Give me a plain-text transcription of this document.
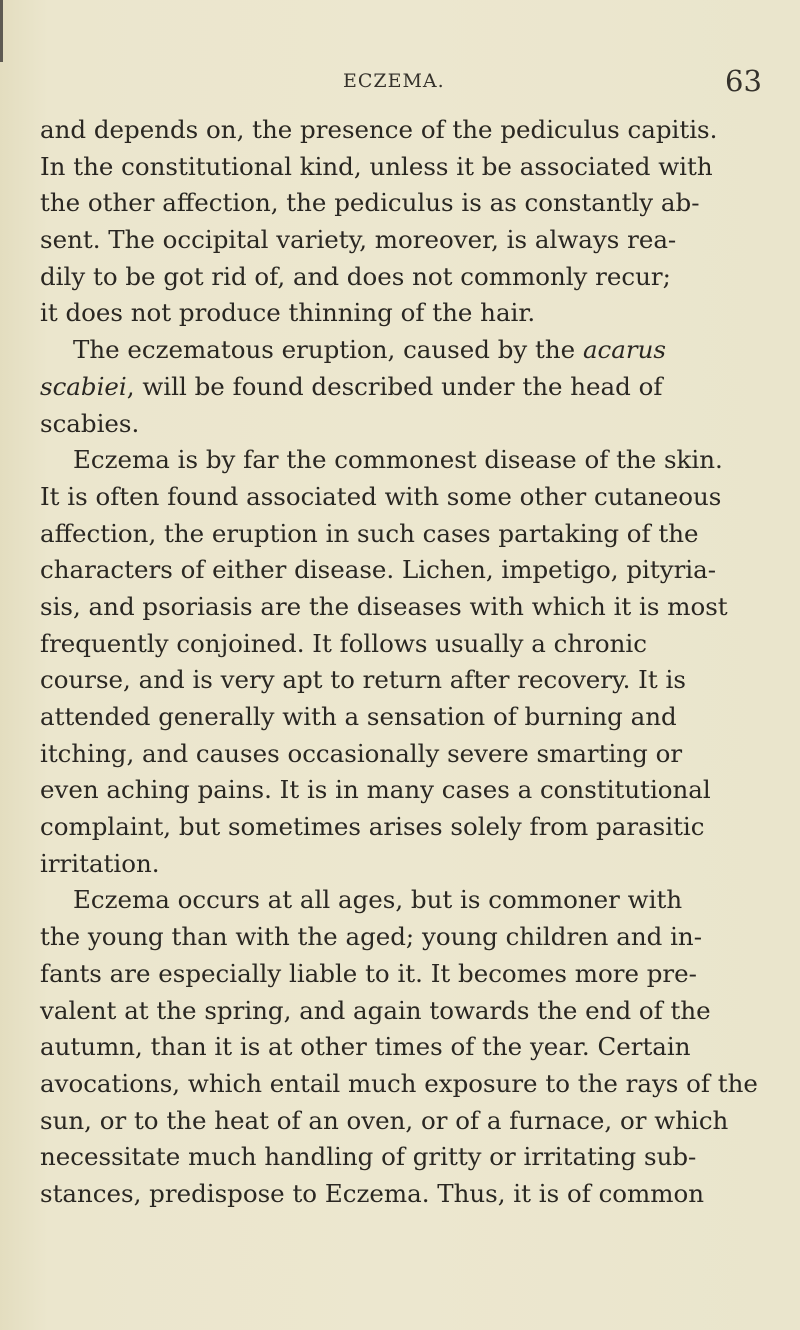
ECZEMA.	63
and depends on, the presence of the pediculus capitis.
In the constitutional kind, unless it be associated with
the other affection, the pediculus is as constantly ab-
sent. The occipital variety, moreover, is always rea-
dily to be got rid of, and does not commonly recur;
it does not produce thinning of the hair.
The eczematous eruption, caused by the acarus
scabiei, will be found described under the head of
scabies.
Eczema is by far the commonest disease of the skin.
It is often found associated with some other cutaneous
affection, the eruption in such cases partaking of the
characters of either disease. Lichen, impetigo, pityria-
sis, and psoriasis are the diseases with which it is most
frequently conjoined. It follows usually a chronic
course, and is very apt to return after recovery. It is
attended generally with a sensation of burning and
itching, and causes occasionally severe smarting or
even aching pains. It is in many cases a constitutional
complaint, but sometimes arises solely from parasitic
irritation.
Eczema occurs at all ages, but is commoner with
the young than with the aged; young children and in-
fants are especially liable to it. It becomes more pre-
valent at the spring, and again towards the end of the
autumn, than it is at other times of the year. Certain
avocations, which entail much exposure to the rays of the
sun, or to the heat of an oven, or of a furnace, or which
necessitate much handling of gritty or irritating sub-
stances, predispose to Eczema. Thus, it is of common
